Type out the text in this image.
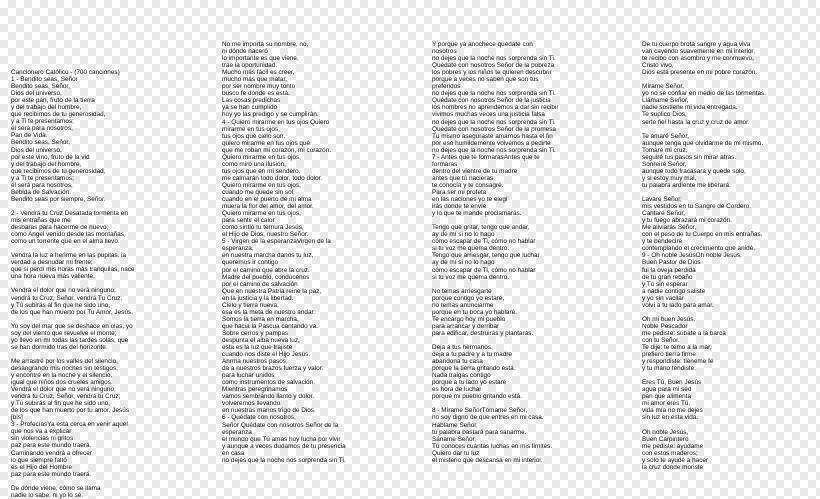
Cancionero Católico - (700 canciones)
1 - Bendito seas, Señor
Bendito seas, Señor,
Dios del universo,
por este pan, fruto de la tierra
y del trabajo del hombre,
que recibimos de tu generosidad,
y a Ti te presentamos;
él será para nosotros,
Pan de Vida.
Bendito seas, Señor,
Dios del universo,
por este vino, fruto de la vid
y del trabajo del hombre,
que recibimos de tu generosidad,
y a Ti te presentamos;
él será para nosotros,
Bebida de Salvación.
Bendito seas por siempre, Señor.
2 - Vendrá tu Cruz Desatada tormenta en
mis entrañas que me
desbaras para hacerme de nuevo;
como Angel venido desde las montañas,
como un torrente que en el alma llevo.
Vendrá la luz a herirme en las pupilas, la
verdad a desnudar mi frente;
que si perdí mis horas más tranquilas, nace
una hora nueva más valiente.
Vendrá el dolor que no verá ninguno;
vendrá tu Cruz, Señor, vendrá Tu Cruz;
y Tú subirás al fin que he sido uno,
de los que han muerto por Tu Amor, Jesús.
Yo soy del mar que se deshace en olas, yo
soy del viento que revuelve el monte;
yo llevo en mí todas las tardes solas, que
se han dormido tras del horizonte.
Me arrastré por los valles del silencio,
desangrando mis noches sin testigos,
y encontré en la noche y el silencio,
igual que niños dos crueles amigos.
Vendrá el dolor que no verá ninguno;
vendrá tu Cruz, Señor, vendrá tu Cruz;
y Tú subirás al fin que he sido uno,
de los que han muerto por tu amor, Jesús
[bis]
3 - ProfecíasYa está cerca en venir aquel
que nos va a explicar
sin violencias ni gritos
paz para este mundo traerá.
Caminando vendrá a ofrecer
lo que siempre faltó
es el Hijo del Hombre
paz para este mundo traerá.
De dónde viene, cómo se llama
nadie lo sabe, ni yo lo sé.
No me importa su nombre, no,
ni dónde naceró
lo importante es que viene,
trae la oportunidad.
Mucho más fácil es creer,
mucho más que matar,
por ser nombre muy tonto
busco fe dónde es está.
Las cosas predichas
ya se han cumplido
hoy yo las predigo y se cumplirán.
4 - Quiero mirarme en tus ojos Quiero
mirarme en tus ojos,
tus ojos que cielo son.
quiero mirarme en tus ojos qué
que me roban mi corazón, mi corazón.
Quiero mirarme en tus ojos,
como miro una ilusión,
tus ojos que en mi sendero,
me calmarán todo dolor, todo dolor.
Quiero mirarme en tus ojos,
cuando me quede sin sol,
cuando en el puerto de mi alma
muera la flor del amor, del amor.
Quiero mirarme en tus ojos,
para sentir el calor
como sintió tu ternura Jesús,
el Hijo de Dios, nuestro Señor.
5 - Virgen de la esperanzaVirgen de la
esperanza,
en nuestra marcha danos tu luz,
queremos ir contigo
por el camino que abre la cruz.
Madre del pueblo, condúcenos
por el camino de salvación
Que en nuestra Patria reine la paz,
en la justicia y la libertad.
Cielo y tierra nueva,
esa es la meta de nuestro andar.
Somos la tierra en marcha,
que hacia la Pascua cantando va.
Sobre cerros y pampas
despunta el alba nueva luz,
esta es la luz que trajiste
cuando nos diste el Hijo Jesús.
Ahrma nuestros pasos,
da a nuestros brazos fuerza y valor.
para luchar unidos
como instrumentos de salvación.
Mientras peregrinamos
vamos sembrando llanto y dolor,
volveremos llevando
en nuestras manos trigo de Dios.
6 - Quédate con nosotros,
Señor Quédate con nosotros Señor de la
esperanza
el mundo que Tú amas hoy lucha por vivir
y aunque a veces dudamos de tu presencia
en casa
no dejes que la noche nos sorprenda sin Ti.
Y porque ya anochece quédate con
nosotros
no dejes que la noche nos sorprenda sin Ti.
Quédate con nosotros Señor de la pobreza
los pobres y los niños te quieren descubrir
porque a veces no saben que son tus
preferidos
no dejes que la noche nos sorprenda sin Ti.
Quédate con nosotros Señor de la justicia
los hombres no aprendemos a dar sin recibir
vivimos muchas veces una justicia falsa
no dejes que la noche nos sorprenda sin Ti.
Quédate con nosotros Señor de la promesa
Tú mismo aseguraste amarnos hasta el fin
por eso humildemente volvemos a pedirte
no dejes que la noche nos sorprenda sin Ti.
7 - Antes que te formarasAntes que te
formaras
dentro del vientre de tu madre
antes que tú nacieras
te conocía y te consagré.
Para ser mi profeta
en las naciones yo te elegí
irás donde te envíe
y lo que te mande proclamarás.
Tengo que gritar, tengo que andar,
ay de mí si no lo hago
cómo escapar de Ti, cómo no hablar
si tu voz me quema dentro.
Tengo que arriesgar, tengo que luchar
ay de mí si no lo hago
cómo escapar de Ti, cómo no hablar
si tu voz me quema dentro.
No temas arriesgarte
porque contigo yo estaré,
no temas anunciarme
porque en tu boca yo hablaré.
Te encargo hoy mi pueblo
para arrancar y derribar
para edificar, destruirás y plantarás.
Deja a tus hermanos,
deja a tu padre y a tu madre
abandona tu casa
porque la tierra gritando está.
Nada traigas contigo
porque a tu lado yo estaré
es hora de luchar
porque mi pueblo gritando está.
8 - Mírame SeñorTómame Señor,
no soy digno de que entres en mi casa.
Háblame Señor,
tu palabra bastará para sanarme.
Sáname Señor,
Tú conoces cuántas luchas en mis límites.
Quiero dar tu luz
el misterio que descansa en mi interior.
De tu cuerpo brota sangre y agua viva
van cayendo suavemente en mi interior,
te recibo con asombro y me conmuevo,
Cristo vivo,
Dios está presente en mi pobre corazón.
Mírame Señor,
yo no sé confiar en medio de las tormentas.
Llámame Señor,
nadie sostiene mi vida entregada.
Te suplico Dios,
serte fiel hasta la cruz y cruz de amor.
Te amaré Señor,
aunque tenga que olvidarme de mí mismo.
Tomaré mi cruz,
seguiré tus pasos sin mirar atrás.
Sonreiré Señor,
aunque todo fracasara y quede solo,
y si estoy muy mal,
tu palabra ardiente me liberará.
Lavaré Señor,
mis vestidos en tu Sangre de Cordero.
Cantaré Señor,
y tu fuego abrazará mi corazón.
Me aliviarás Señor,
con el peso de tu Cuerpo en mis entrañas,
y te bendeciré
contemplando el crecimiento que anidé.
9 - Oh noble JesúsOh noble Jesús,
Buen Pastor de Dios
fui la oveja perdida
de tu gran rebaño
y Tú sin esperar
a nadie contigo saliste
y yo sin vacilar
volví a tu lado para amar.
Oh mi buen Jesús,
Noble Pescador
me pediste: súbate a la barca
con tu Señor.
Te dije: te temo a la mar,
prefiero tierra firme
y respondiste: tiéneme fe
y tu mano tendiste.
Eres Tú, Buen Jesús
agua para mi sed
pan que alimenta
mi amor eres Tú,
vida mía no me dejes
sin luz en esta vida.
Oh noble Jesús,
Buen Carpintero
me pediste: ayúdame
con estos maderos;
y sólo te ayudé a hacer
la cruz donde moriste
